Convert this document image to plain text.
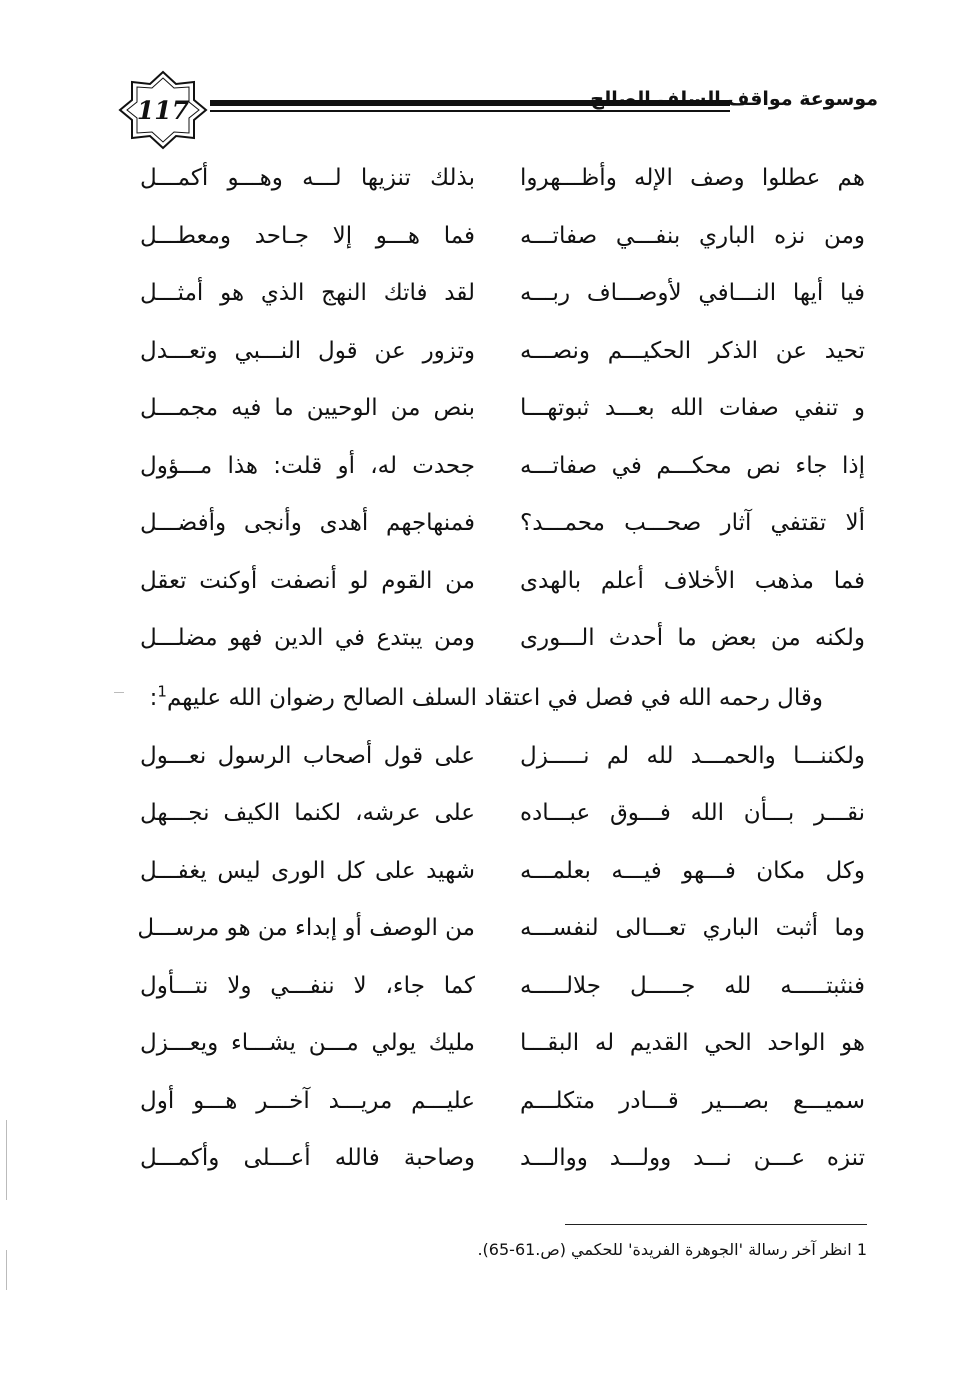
117	موسوعة مواقف السلف الصالح
هم عطلوا وصف الإله وأظـــهروا
بذلك تنزيها لـــه وهـــو أكمـــل
ومن نزه الباري بنفـــي صفاتـــه
فما هـــو إلا جـاحد ومعطـــل
فيا أيها النـــافي لأوصـــاف ربـــه
لقد فاتك النهج الذي هو أمثـــل
تحيد عن الذكر الحكيـــم ونصـــه
وتزور عن قول النـــبي وتعـــدل
و تنفي صفات الله بعـــد ثبوتهـــا
بنص من الوحيين ما فيه مجمـــل
إذا جاء نص محكـــم في صفاتـــه
جحدت له، أو قلت: هذا مـــؤول
ألا تقتفي آثار صحـــب محمـــد؟
فمنهاجهم أهدى وأنجى وأفضـــل
فما مذهب الأخلاف أعلم بالهدى
من القوم لو أنصفت أوكنت تعقل
ولكنه من بعض ما أحدث الـــورى
ومن يبتدع في الدين فهو مضلـــل
وقال رحمه الله في فصل في اعتقاد السلف الصالح رضوان الله عليهم$^1$:
ولكننـــا والحمـــد لله لم نـــــزل
على قول أصحاب الرسول نعـــول
نقـــر بـــأن الله فـــوق عبـــاده
على عرشه، لكنما الكيف نجـــهل
وكل مكان فـــهو فيـــه بعلمـــه
شهيد على كل الورى ليس يغفـــل
وما أثبت الباري تعـــالى لنفســـه
من الوصف أو إبداء من هو مرســـل
فنثبتـــــه لله جـــــل جلالـــــه
كما جاء، لا ننفـــي ولا نتـــأول
هو الواحد الحي القديم له البقـــا
مليك يولي مـــن يشـــاء ويعـــزل
سميـــع بصـــير قـــادر متكلـــم
عليـــم مريـــد آخـــر هـــو أول
تنزه عـــن نـــد وولـــد ووالـــد
وصاحبة فالله أعـــلى وأكمـــل
1 انظر آخر رسالة 'الجوهرة الفريدة' للحكمي (ص.61-65).
